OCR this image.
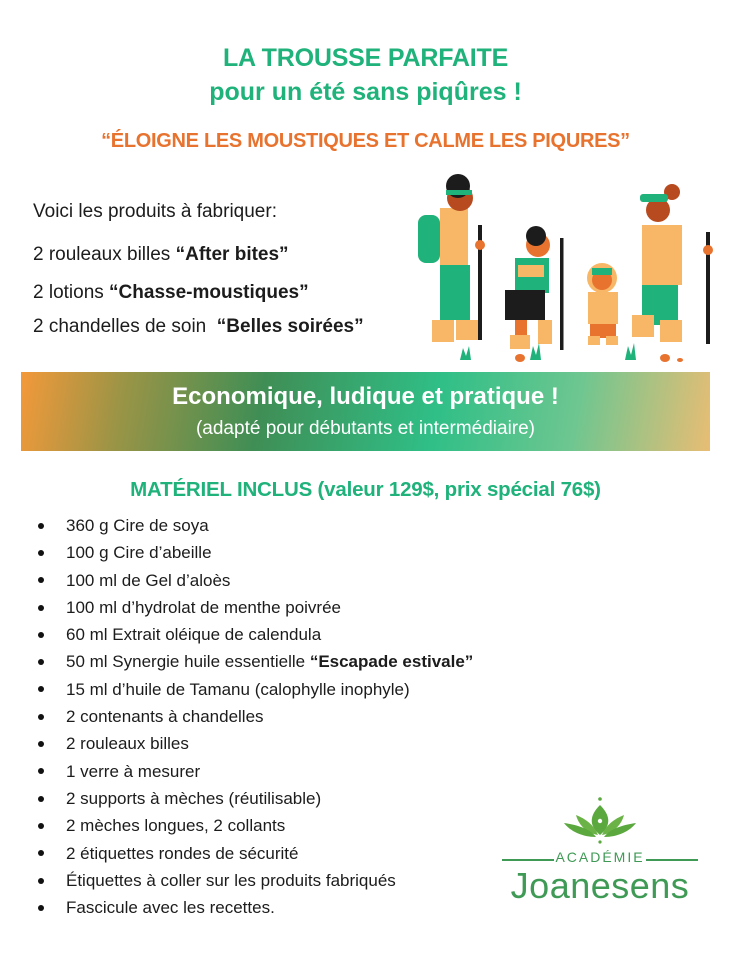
LA TROUSSE PARFAITE
pour un été sans piqûres !
“ÉLOIGNE LES MOUSTIQUES ET CALME LES PIQURES”
Voici les produits à fabriquer:
2 rouleaux billes “After bites”
2 lotions “Chasse-moustiques”
2 chandelles de soin  “Belles soirées”
Economique, ludique et pratique !
(adapté pour débutants et intermédiaire)
MATÉRIEL INCLUS (valeur 129$, prix spécial 76$)
360 g Cire de soya
100 g Cire d’abeille
100 ml de Gel d’aloès
100 ml d’hydrolat de menthe poivrée
60 ml Extrait oléique de calendula
50 ml Synergie huile essentielle “Escapade estivale”
15 ml d’huile de Tamanu (calophylle inophyle)
2 contenants à chandelles
2 rouleaux billes
1 verre à mesurer
2 supports à mèches (réutilisable)
2 mèches longues, 2 collants
2 étiquettes rondes de sécurité
Étiquettes à coller sur les produits fabriqués
Fascicule avec les recettes.
ACADÉMIE
Joanesens
